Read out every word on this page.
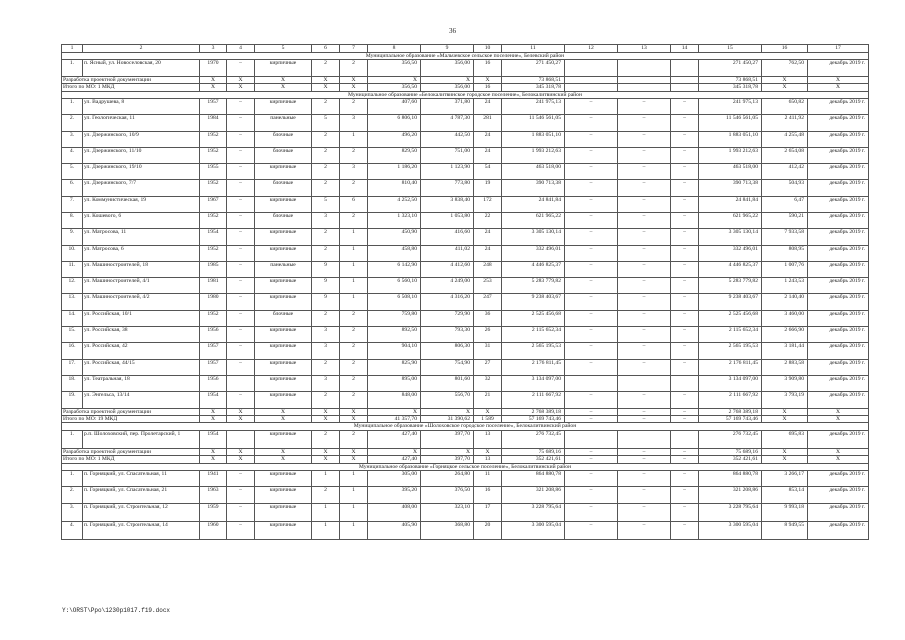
36
1	2	3	4	5	6	7	8	9	10	11	12	13	14	15	16	17
Муниципальное образование «Мальчевское сельское поселение», Белевский район																
1.	п. Ясный, ул. Новоселовская, 20	1970	–	кирпичные	2	2	356,50	356,00	16	271 450,27				271 450,27	762,50	декабрь 2019 г.
Разработка проектной документации		X	X	X	X	X	X	X	X	73 868,51				73 868,51	X	X
Итого по МО: 1 МКД		X	X	X	X	X	356,50	356,00	16	345 318,78				345 318,78	X	X
Муниципальное образование «Белокалитвинское городское поселение», Белокалитвинский район																
1.	ул. Вадрушева, 8	1957	–	кирпичные	2	2	407,60	371,80	24	241 975,13	–	–	–	241 975,13	650,82	декабрь 2019 г.
2.	ул. Геологическая, 11	1984	–	панельные	5	3	6 806,10	4 787,30	281	11 546 561,05	–	–	–	11 546 561,05	2 411,92	декабрь 2019 г.
3.	ул. Дзержинского, 10/9	1952	–	блочные	2	1	496,20	442,50	24	1 883 051,10	–	–	–	1 883 051,10	4 255,48	декабрь 2019 г.
4.	ул. Дзержинского, 11/10	1952	–	блочные	2	2	829,50	751,00	24	1 993 212,63	–	–	–	1 993 212,63	2 654,08	декабрь 2019 г.
5.	ул. Дзержинского, 19/10	1955	–	кирпичные	2	3	1 186,20	1 123,90	54	463 518,00	–	–	–	463 518,00	412,42	декабрь 2019 г.
6.	ул. Дзержинского, 7/7	1952	–	блочные	2	2	810,40	773,80	19	390 713,38	–	–	–	390 713,38	504,93	декабрь 2019 г.
7.	ул. Коммунистическая, 19	1967	–	кирпичные	5	6	4 252,50	3 838,40	172	24 841,84	–	–	–	24 841,84	6,47	декабрь 2019 г.
8.	ул. Кошевого, 6	1952	–	блочные	3	2	1 323,10	1 053,80	22	621 965,22	–	–	–	621 965,22	590,21	декабрь 2019 г.
9.	ул. Матросова, 11	1954	–	кирпичные	2	1	450,90	416,60	24	3 305 130,14	–	–	–	3 305 130,14	7 933,58	декабрь 2019 г.
10.	ул. Матросова, 6	1952	–	кирпичные	2	1	458,80	411,02	24	332 496,01	–	–	–	332 496,01	808,95	декабрь 2019 г.
11.	ул. Машиностроителей, 18	1985	–	панельные	9	1	6 142,90	4 412,60	248	4 446 825,37	–	–	–	4 446 825,37	1 007,76	декабрь 2019 г.
12.	ул. Машиностроителей, 4/1	1981	–	кирпичные	9	1	6 560,10	4 249,00	253	5 283 779,82	–	–	–	5 283 779,82	1 243,53	декабрь 2019 г.
13.	ул. Машиностроителей, 4/2	1980	–	кирпичные	9	1	6 508,10	4 316,20	247	9 238 403,67	–	–	–	9 238 403,67	2 140,40	декабрь 2019 г.
14.	ул. Российская, 10/1	1952	–	блочные	2	2	759,80	729,90	36	2 525 456,68	–	–	–	2 525 456,68	3 460,00	декабрь 2019 г.
15.	ул. Российская, 38	1956	–	кирпичные	3	2	892,50	793,30	26	2 115 652,34	–	–	–	2 115 652,34	2 666,90	декабрь 2019 г.
16.	ул. Российская, 42	1957	–	кирпичные	3	2	904,10	806,30	31	2 565 195,53	–	–	–	2 565 195,53	3 181,44	декабрь 2019 г.
17.	ул. Российская, 44/15	1957	–	кирпичные	2	2	825,90	754,90	27	2 176 811,45	–	–	–	2 176 811,45	2 883,58	декабрь 2019 г.
18.	ул. Театральная, 18	1956		кирпичные	3	2	895,00	801,60	32	3 134 097,00				3 134 097,00	3 909,80	декабрь 2019 г.
19.	ул. Энгельса, 13/14	1954	–	кирпичные	2	2	848,00	556,70	21	2 111 667,92	–	–	–	2 111 667,92	3 793,19	декабрь 2019 г.
Разработка проектной документации		X	X	X	X	X	X	X	X	2 768 389,18	–	–	–	2 768 389,18	X	X
Итого по МО: 19 МКД		X	X	X	X	X	41 357,70	31 390,62	1 589	57 169 743,46	–	–	–	57 169 743,46	X	X
Муниципальное образование «Шолоховское городское поселение», Белокалитвинский район																
1.	р.п. Шолоховский, пер. Пролетарский, 1	1954		кирпичные	2	2	427,40	397,70	13	276 732,45				276 732,45	695,83	декабрь 2019 г.
Разработка проектной документации		X	X	X	X	X	X	X	X	75 689,16	–	–	–	75 689,16	X	X
Итого по МО: 1 МКД		X	X	X	X	X	427,40	397,70	13	352 421,61	–	–	–	352 421,61	X	X
Муниципальное образование «Горняцкое сельское поселение», Белокалитвинский район																
1.	п. Горняцкий, ул. Спасательная, 11	1941	–	кирпичные	1	1	305,00	264,80	11	864 880,78	–	–	–	864 880,78	3 266,17	декабрь 2019 г.
2.	п. Горняцкий, ул. Спасательная, 21	1963	–	кирпичные	2	1	395,20	376,50	16	321 208,86	–	–	–	321 208,86	853,14	декабрь 2019 г.
3.	п. Горняцкий, ул. Строительная, 12	1959	–	кирпичные	1	1	408,00	323,10	17	3 228 795,64	–	–	–	3 228 795,64	9 993,18	декабрь 2019 г.
4.	п. Горняцкий, ул. Строительная, 14	1960	–	кирпичные	1	1	405,90	368,80	20	3 300 595,04	–	–	–	3 300 595,04	8 949,55	декабрь 2019 г.
Y:\ORST\Ppo\1230p1017.f19.docx
